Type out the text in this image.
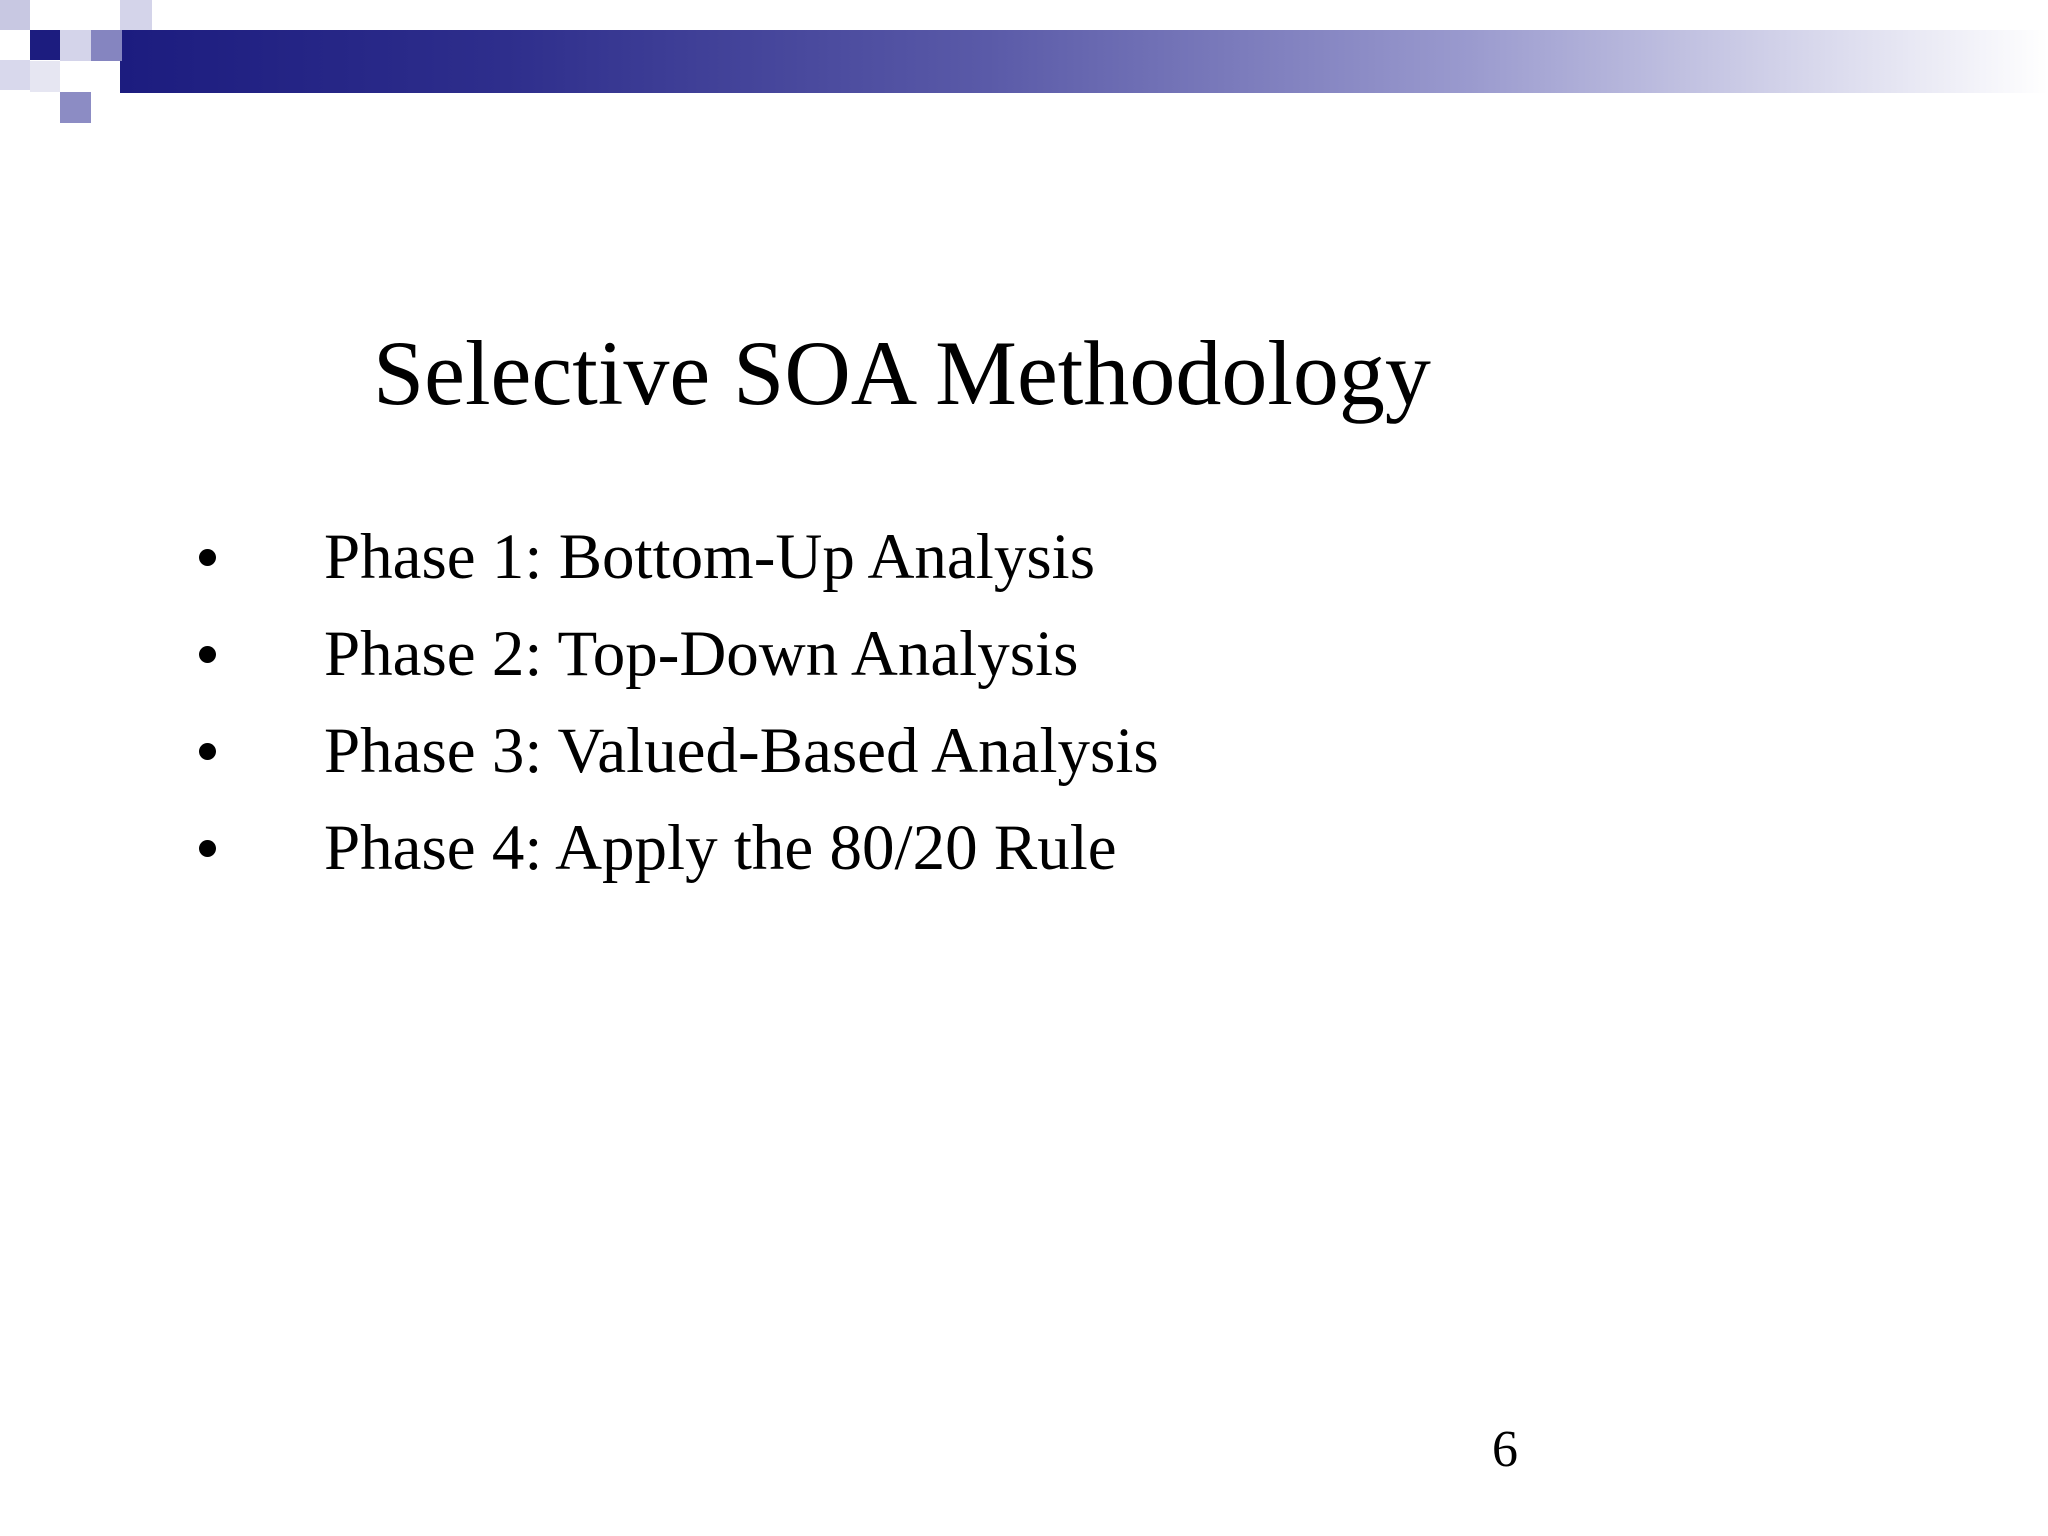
Selective SOA Methodology
Phase 1: Bottom-Up Analysis
Phase 2: Top-Down Analysis
Phase 3: Valued-Based Analysis
Phase 4: Apply the 80/20 Rule
6
